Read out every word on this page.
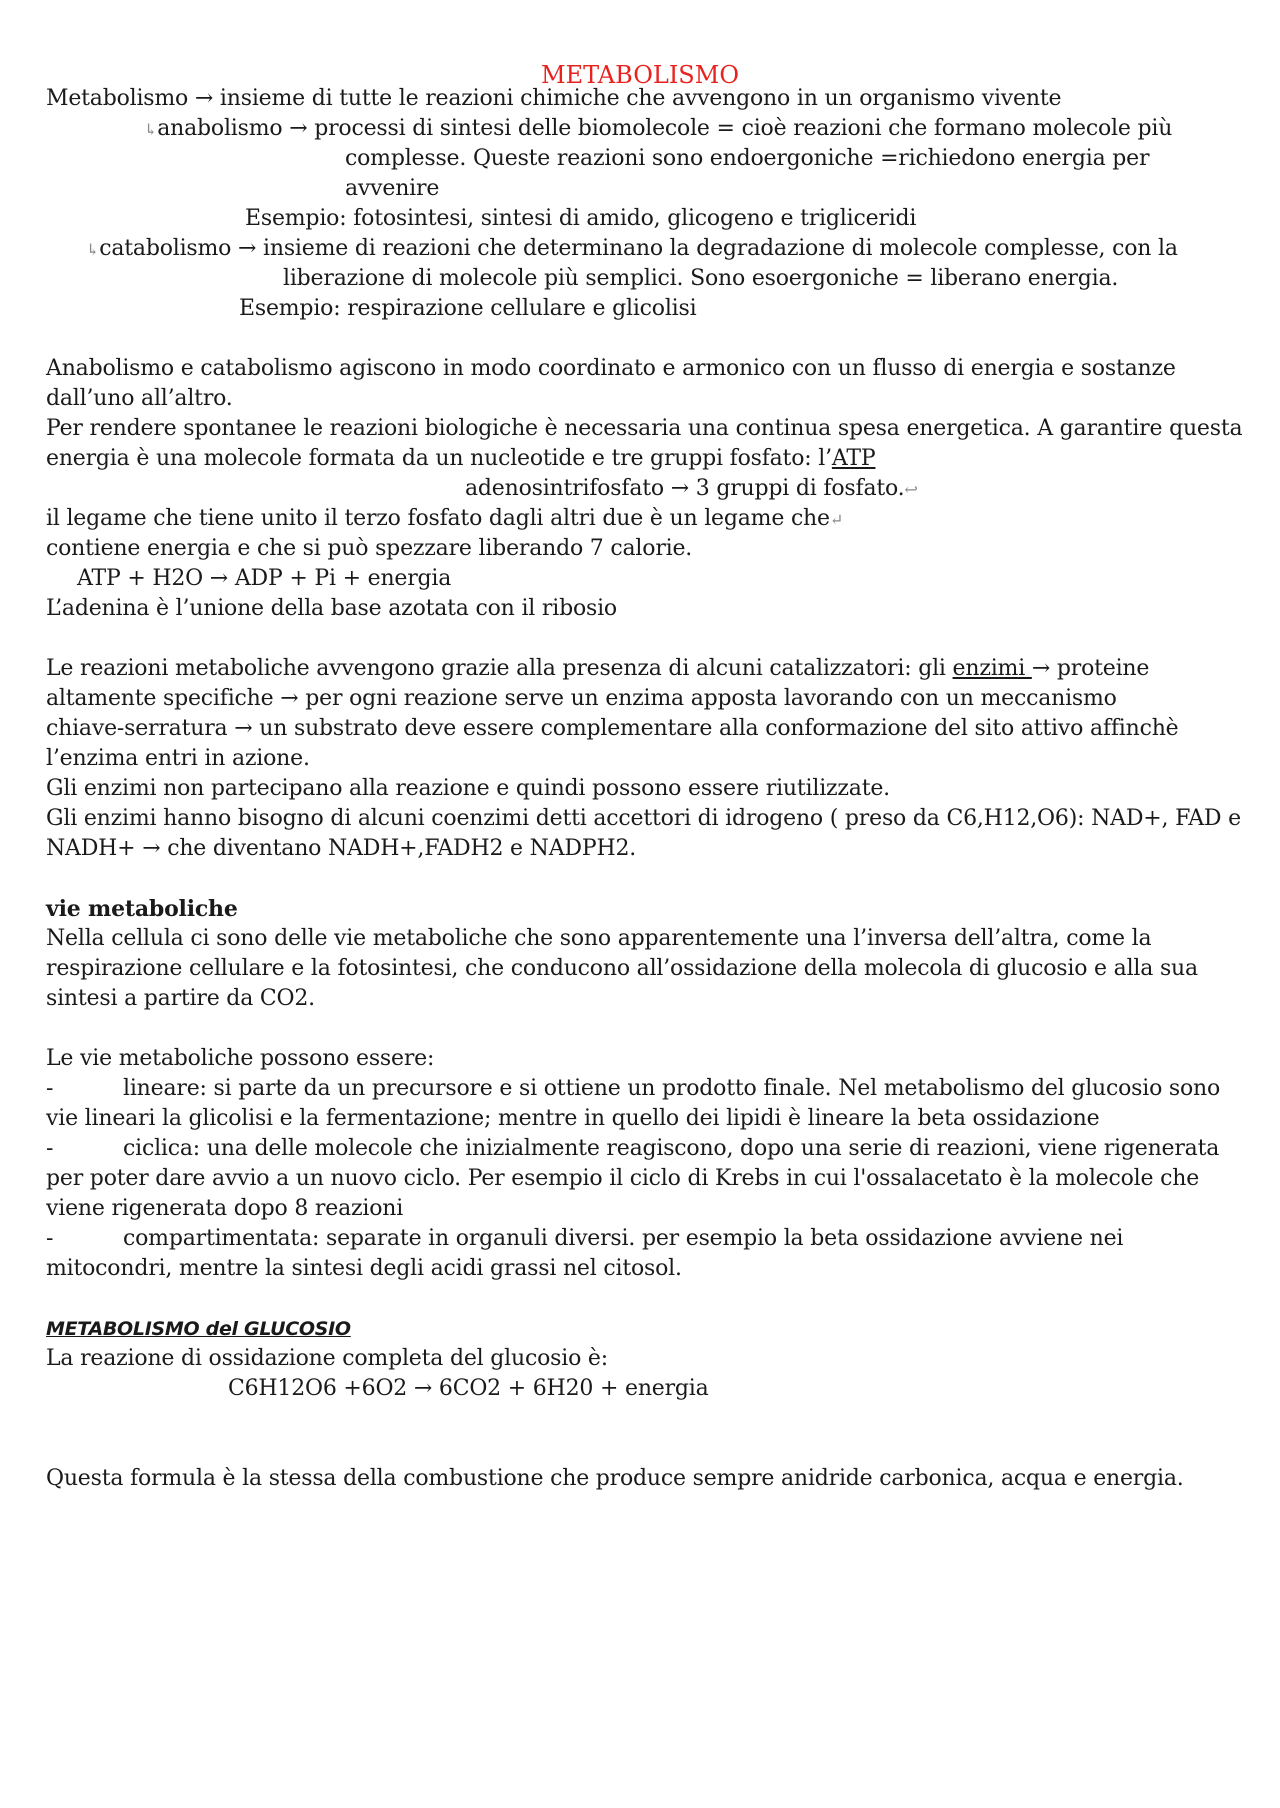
METABOLISMO
Metabolismo → insieme di tutte le reazioni chimiche che avvengono in un organismo vivente
↳anabolismo → processi di sintesi delle biomolecole = cioè reazioni che formano molecole più
complesse. Queste reazioni sono endoergoniche =richiedono energia per
avvenire
Esempio: fotosintesi, sintesi di amido, glicogeno e trigliceridi
↳catabolismo → insieme di reazioni che determinano la degradazione di molecole complesse, con la
liberazione di molecole più semplici. Sono esoergoniche = liberano energia.
Esempio: respirazione cellulare e glicolisi
Anabolismo e catabolismo agiscono in modo coordinato e armonico con un flusso di energia e sostanze
dall’uno all’altro.
Per rendere spontanee le reazioni biologiche è necessaria una continua spesa energetica. A garantire questa
energia è una molecole formata da un nucleotide e tre gruppi fosfato: l’ATP
adenosintrifosfato → 3 gruppi di fosfato.↩
il legame che tiene unito il terzo fosfato dagli altri due è un legame che↵
contiene energia e che si può spezzare liberando 7 calorie.
ATP + H2O → ADP + Pi + energia
L’adenina è l’unione della base azotata con il ribosio
Le reazioni metaboliche avvengono grazie alla presenza di alcuni catalizzatori: gli enzimi → proteine
altamente specifiche → per ogni reazione serve un enzima apposta lavorando con un meccanismo
chiave-serratura → un substrato deve essere complementare alla conformazione del sito attivo affinchè
l’enzima entri in azione.
Gli enzimi non partecipano alla reazione e quindi possono essere riutilizzate.
Gli enzimi hanno bisogno di alcuni coenzimi detti accettori di idrogeno ( preso da C6,H12,O6): NAD+, FAD e
NADH+ → che diventano NADH+,FADH2 e NADPH2.
vie metaboliche
Nella cellula ci sono delle vie metaboliche che sono apparentemente una l’inversa dell’altra, come la
respirazione cellulare e la fotosintesi, che conducono all’ossidazione della molecola di glucosio e alla sua
sintesi a partire da CO2.
Le vie metaboliche possono essere:
-	lineare: si parte da un precursore e si ottiene un prodotto finale. Nel metabolismo del glucosio sono
vie lineari la glicolisi e la fermentazione; mentre in quello dei lipidi è lineare la beta ossidazione
-	ciclica: una delle molecole che inizialmente reagiscono, dopo una serie di reazioni, viene rigenerata
per poter dare avvio a un nuovo ciclo. Per esempio il ciclo di Krebs in cui l'ossalacetato è la molecole che
viene rigenerata dopo 8 reazioni
-	compartimentata: separate in organuli diversi. per esempio la beta ossidazione avviene nei
mitocondri, mentre la sintesi degli acidi grassi nel citosol.
METABOLISMO del GLUCOSIO
La reazione di ossidazione completa del glucosio è:
C6H12O6 +6O2 → 6CO2 + 6H20 + energia
Questa formula è la stessa della combustione che produce sempre anidride carbonica, acqua e energia.
